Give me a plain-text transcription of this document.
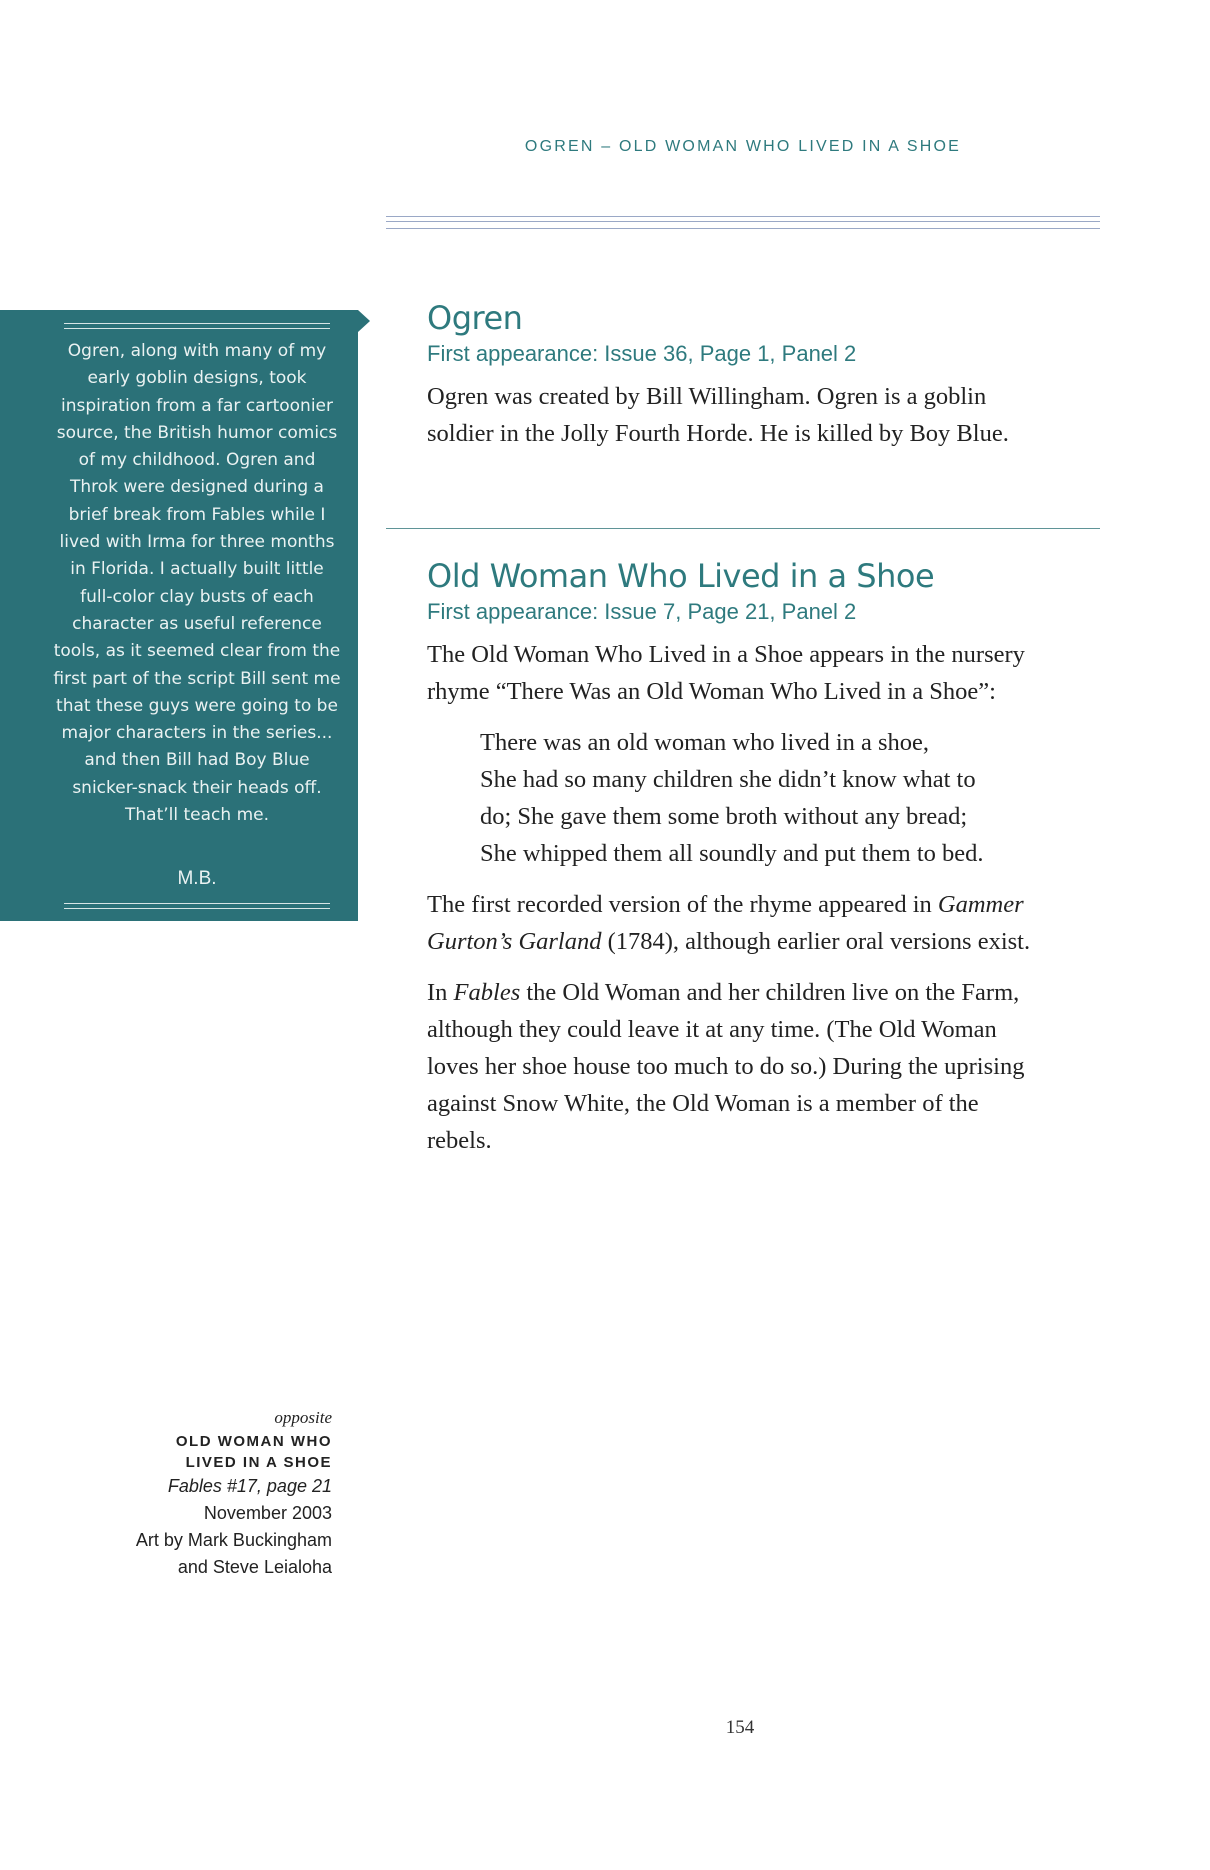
OGREN – OLD WOMAN WHO LIVED IN A SHOE
Ogren, along with many of my early goblin designs, took inspiration from a far cartoonier source, the British humor comics of my childhood. Ogren and Throk were designed during a brief break from Fables while I lived with Irma for three months in Florida. I actually built little full-color clay busts of each character as useful reference tools, as it seemed clear from the first part of the script Bill sent me that these guys were going to be major characters in the series... and then Bill had Boy Blue snicker-snack their heads off. That’ll teach me.
M.B.
Ogren

First appearance: Issue 36, Page 1, Panel 2

Ogren was created by Bill Willingham. Ogren is a goblin soldier in the Jolly Fourth Horde. He is killed by Boy Blue.

Old Woman Who Lived in a Shoe

First appearance: Issue 7, Page 21, Panel 2

The Old Woman Who Lived in a Shoe appears in the nursery rhyme “There Was an Old Woman Who Lived in a Shoe”:

There was an old woman who lived in a shoe,
She had so many children she didn’t know what to
do; She gave them some broth without any bread;
She whipped them all soundly and put them to bed.

The first recorded version of the rhyme appeared in Gammer Gurton’s Garland (1784), although earlier oral versions exist.

In Fables the Old Woman and her children live on the Farm, although they could leave it at any time. (The Old Woman loves her shoe house too much to do so.) During the uprising against Snow White, the Old Woman is a member of the rebels.

opposite
OLD WOMAN WHO
LIVED IN A SHOE
Fables #17, page 21
November 2003
Art by Mark Buckingham
and Steve Leialoha
154
